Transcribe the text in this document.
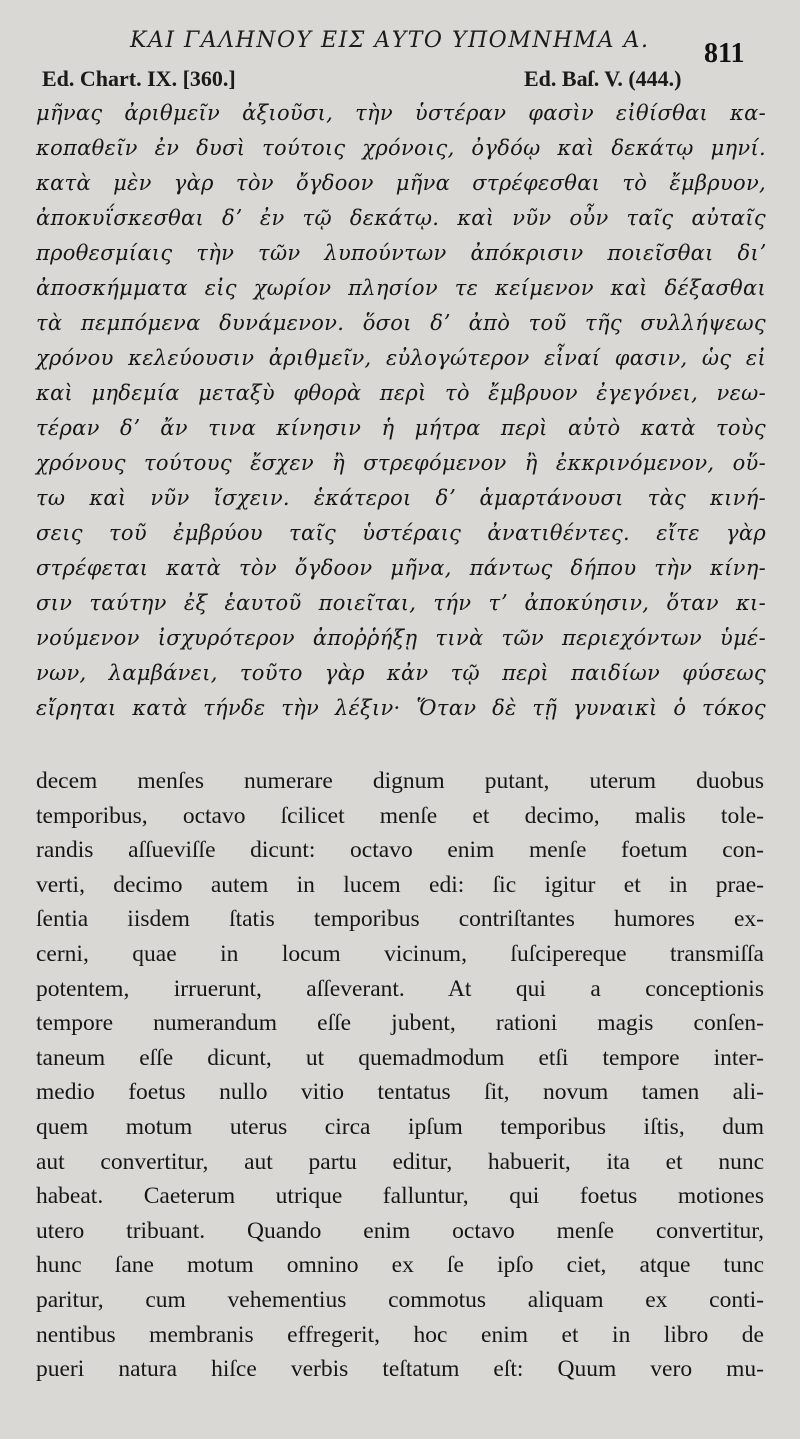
ΚΑΙ ΓΑΛΗΝΟΥ ΕΙΣ ΑΥΤΟ ΥΠΟΜΝΗΜΑ Α. 811
Ed. Chart. IX. [360.]	Ed. Baſ. V. (444.)
μῆνας ἀριθμεῖν ἀξιοῦσι, τὴν ὑστέραν φασὶν εἰθίσθαι κα-
κοπαθεῖν ἐν δυσὶ τούτοις χρόνοις, ὀγδόῳ καὶ δεκάτῳ μηνί.
κατὰ μὲν γὰρ τὸν ὄγδοον μῆνα στρέφεσθαι τὸ ἔμβρυον,
ἀποκυΐσκεσθαι δʼ ἐν τῷ δεκάτῳ. καὶ νῦν οὖν ταῖς αὐταῖς
προθεσμίαις τὴν τῶν λυπούντων ἀπόκρισιν ποιεῖσθαι διʼ
ἀποσκήμματα εἰς χωρίον πλησίον τε κείμενον καὶ δέξασθαι
τὰ πεμπόμενα δυνάμενον. ὅσοι δʼ ἀπὸ τοῦ τῆς συλλήψεως
χρόνου κελεύουσιν ἀριθμεῖν, εὐλογώτερον εἶναί φασιν, ὡς εἰ
καὶ μηδεμία μεταξὺ φθορὰ περὶ τὸ ἔμβρυον ἐγεγόνει, νεω-
τέραν δʼ ἄν τινα κίνησιν ἡ μήτρα περὶ αὐτὸ κατὰ τοὺς
χρόνους τούτους ἔσχεν ἢ στρεφόμενον ἢ ἐκκρινόμενον, οὕ-
τω καὶ νῦν ἴσχειν. ἑκάτεροι δʼ ἁμαρτάνουσι τὰς κινή-
σεις τοῦ ἐμβρύου ταῖς ὑστέραις ἀνατιθέντες. εἴτε γὰρ
στρέφεται κατὰ τὸν ὄγδοον μῆνα, πάντως δήπου τὴν κίνη-
σιν ταύτην ἐξ ἑαυτοῦ ποιεῖται, τήν τʼ ἀποκύησιν, ὅταν κι-
νούμενον ἰσχυρότερον ἀποῤῥήξῃ τινὰ τῶν περιεχόντων ὑμέ-
νων, λαμβάνει, τοῦτο γὰρ κἀν τῷ περὶ παιδίων φύσεως
εἴρηται κατὰ τήνδε τὴν λέξιν· Ὅταν δὲ τῇ γυναικὶ ὁ τόκος
decem menſes numerare dignum putant, uterum duobus
temporibus, octavo ſcilicet menſe et decimo, malis tole-
randis aſſueviſſe dicunt: octavo enim menſe foetum con-
verti, decimo autem in lucem edi: ſic igitur et in prae-
ſentia iisdem ſtatis temporibus contriſtantes humores ex-
cerni, quae in locum vicinum, ſuſcipereque transmiſſa
potentem, irruerunt, aſſeverant. At qui a conceptionis
tempore numerandum eſſe jubent, rationi magis conſen-
taneum eſſe dicunt, ut quemadmodum etſi tempore inter-
medio foetus nullo vitio tentatus ſit, novum tamen ali-
quem motum uterus circa ipſum temporibus iſtis, dum
aut convertitur, aut partu editur, habuerit, ita et nunc
habeat. Caeterum utrique falluntur, qui foetus motiones
utero tribuant. Quando enim octavo menſe convertitur,
hunc ſane motum omnino ex ſe ipſo ciet, atque tunc
paritur, cum vehementius commotus aliquam ex conti-
nentibus membranis effregerit, hoc enim et in libro de
pueri natura hiſce verbis teſtatum eſt: Quum vero mu-
